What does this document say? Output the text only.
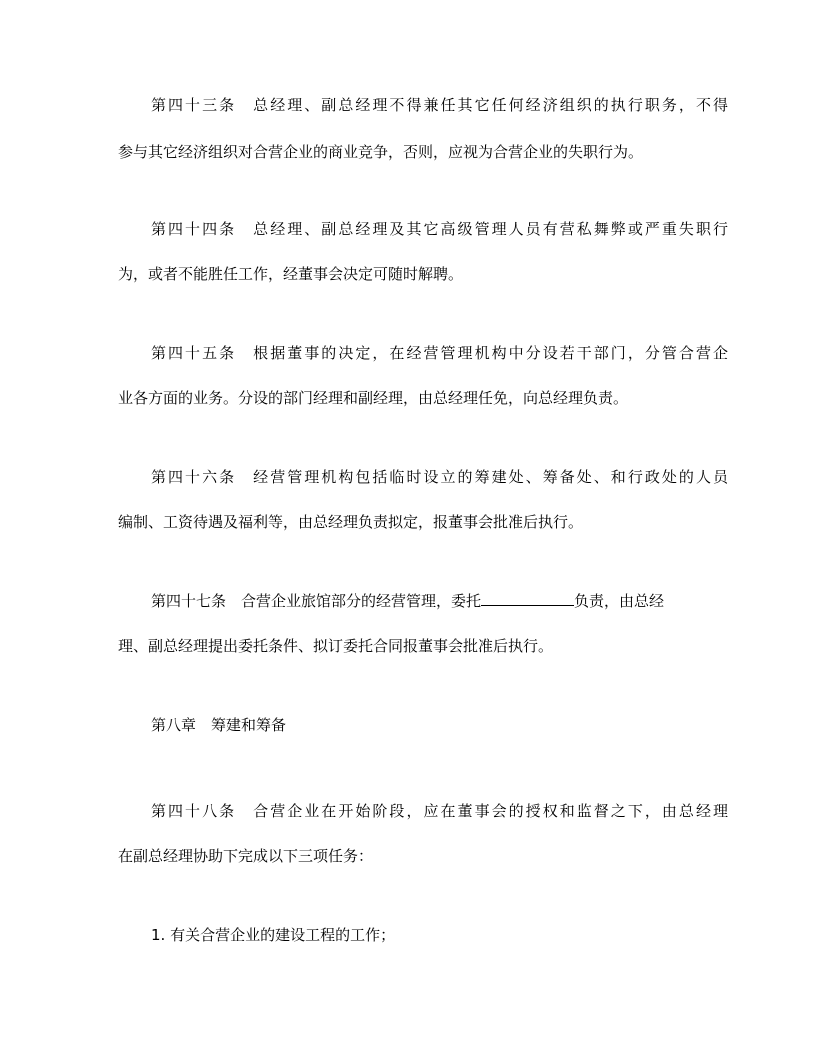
第四十三条　总经理、副总经理不得兼任其它任何经济组织的执行职务，不得
参与其它经济组织对合营企业的商业竞争，否则，应视为合营企业的失职行为。
第四十四条　总经理、副总经理及其它高级管理人员有营私舞弊或严重失职行
为，或者不能胜任工作，经董事会决定可随时解聘。
第四十五条　根据董事的决定，在经营管理机构中分设若干部门，分管合营企
业各方面的业务。分设的部门经理和副经理，由总经理任免，向总经理负责。
第四十六条　经营管理机构包括临时设立的筹建处、筹备处、和行政处的人员
编制、工资待遇及福利等，由总经理负责拟定，报董事会批准后执行。
第四十七条　合营企业旅馆部分的经营管理，委托	负责，由总经
理、副总经理提出委托条件、拟订委托合同报董事会批准后执行。
第八章　筹建和筹备
第四十八条　合营企业在开始阶段，应在董事会的授权和监督之下，由总经理
在副总经理协助下完成以下三项任务：
1. 有关合营企业的建设工程的工作；
